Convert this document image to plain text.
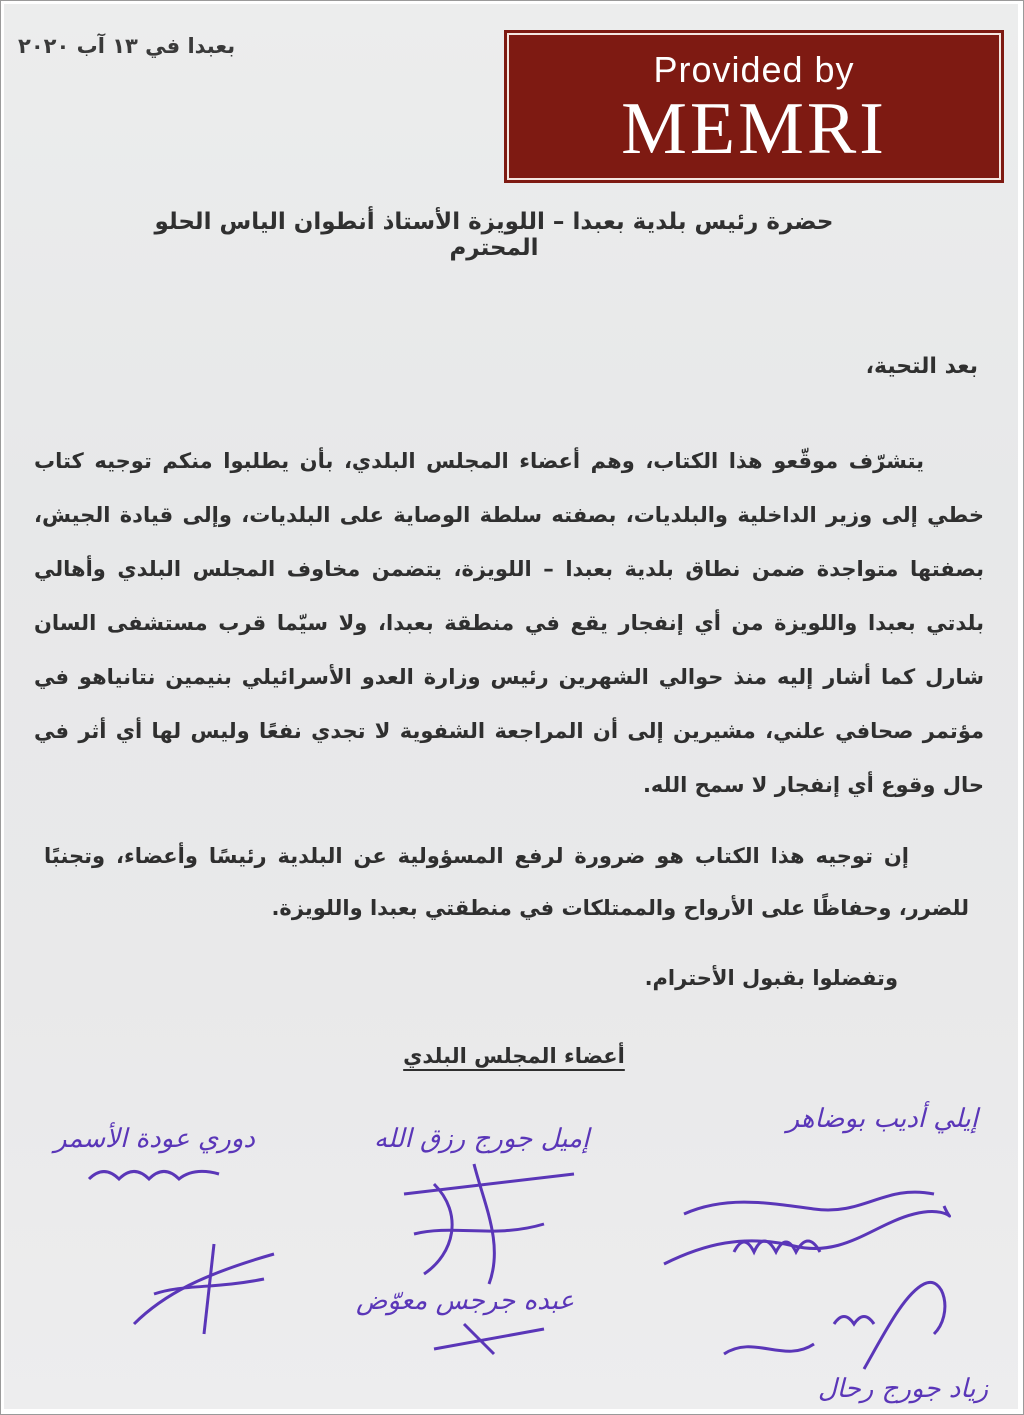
بعبدا في ١٣ آب ٢٠٢٠
Provided by
MEMRI
حضرة رئيس بلدية بعبدا – اللويزة الأستاذ أنطوان الياس الحلو المحترم
بعد التحية،
يتشرّف موقّعو هذا الكتاب، وهم أعضاء المجلس البلدي، بأن يطلبوا منكم توجيه كتاب خطي إلى وزير الداخلية والبلديات، بصفته سلطة الوصاية على البلديات، وإلى قيادة الجيش، بصفتها متواجدة ضمن نطاق بلدية بعبدا – اللويزة، يتضمن مخاوف المجلس البلدي وأهالي بلدتي بعبدا واللويزة من أي إنفجار يقع في منطقة بعبدا، ولا سيّما قرب مستشفى السان شارل كما أشار إليه منذ حوالي الشهرين رئيس وزارة العدو الأسرائيلي بنيمين نتانياهو في مؤتمر صحافي علني، مشيرين إلى أن المراجعة الشفوية لا تجدي نفعًا وليس لها أي أثر في حال وقوع أي إنفجار لا سمح الله.
إن توجيه هذا الكتاب هو ضرورة لرفع المسؤولية عن البلدية رئيسًا وأعضاء، وتجنبًا للضرر، وحفاظًا على الأرواح والممتلكات في منطقتي بعبدا واللويزة.
وتفضلوا بقبول الأحترام.
أعضاء المجلس البلدي
إيلي أديب بوضاهر
إميل جورج رزق الله
دوري عودة الأسمر
عبده جرجس معوّض
زياد جورج رحال
